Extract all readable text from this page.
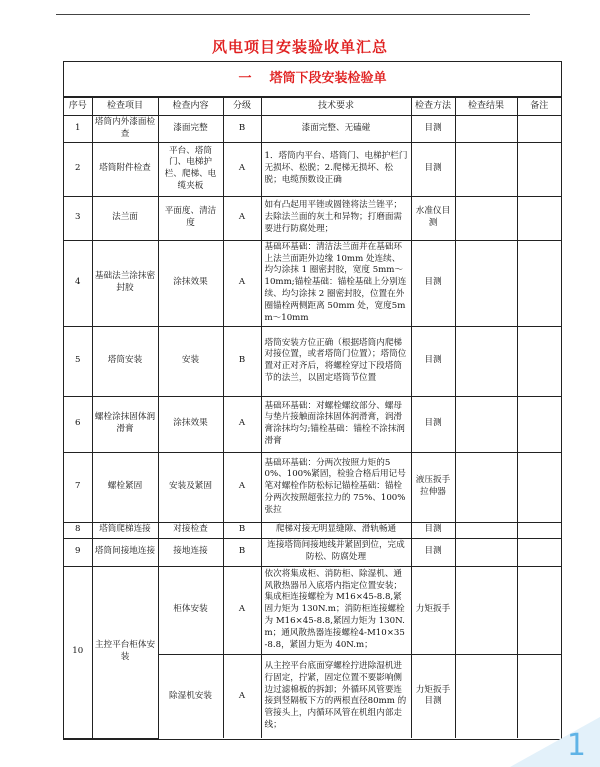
风电项目安装验收单汇总
一 塔筒下段安装检验单
序号	检查项目	检查内容	分级	技术要求	检查方法	检查结果	备注
1	塔筒内外漆面检查	漆面完整	B	漆面完整、无磕碰	目测		
2	塔筒附件检查	平台、塔筒门、电梯护栏、爬梯、电缆夹板	A	1．塔筒内平台、塔筒门、电梯护栏门无损坏、松脱；2.爬梯无损坏、松脱；电缆预数设正确	目测		
3	法兰面	平面度、清洁度	A	如有凸起用平锉或圆锉将法兰锉平；去除法兰面的灰土和异物；打磨面需要进行防腐处理；	水准仪目测		
4	基础法兰涂抹密封胶	涂抹效果	A	基础环基础：清洁法兰面并在基础环上法兰面距外边缘 10mm 处连续、均匀涂抹 1 圈密封胶，宽度 5mm～10mm;锚栓基础：锚栓基础上分别连续、均匀涂抹 2 圈密封胶，位置在外圈锚栓两侧距离 50mm 处，宽度5mm～10mm	目测		
5	塔筒安装	安装	B	塔筒安装方位正确（根据塔筒内爬梯对接位置，或者塔筒门位置）；塔筒位置对正对齐后，将螺栓穿过下段塔筒节的法兰，以固定塔筒节位置	目测		
6	螺栓涂抹固体润滑膏	涂抹效果	A	基础环基础：对螺栓螺纹部分、螺母与垫片接触面涂抹固体润滑膏，润滑膏涂抹均匀;锚栓基础：锚栓不涂抹润滑膏	目测		
7	螺栓紧固	安装及紧固	A	基础环基础：分两次按照力矩的50%、100%紧固，检验合格后用记号笔对螺栓作防松标记锚栓基础：锚栓分两次按照超张拉力的 75%、100%张拉	液压扳手拉伸器		
8	塔筒爬梯连接	对接检查	B	爬梯对接无明显缝隙、滑轨畅通	目测		
9	塔筒间接地连接	接地连接	B	连接塔筒间接地线并紧固到位，完成防松、防腐处理	目测		
10	主控平台柜体安装	柜体安装	A	依次将集成柜、消防柜、除湿机、通风散热器吊入底塔内指定位置安装；集成柜连接螺栓为 M16×45-8.8,紧固力矩为 130N.m；消防柜连接螺栓为 M16×45-8.8,紧固力矩为 130N.m；通风散热器连接螺栓4-M10×35-8.8，紧固力矩为 40N.m；	力矩扳手		
		除湿机安装	A	从主控平台底面穿螺栓拧进除湿机进行固定，拧紧，固定位置不要影响侧边过滤棉板的拆卸；外循环风管要连接到竖隔板下方的两根直径80mm 的管接头上，内循环风管在机组内部走线；	力矩扳手目测		
1
